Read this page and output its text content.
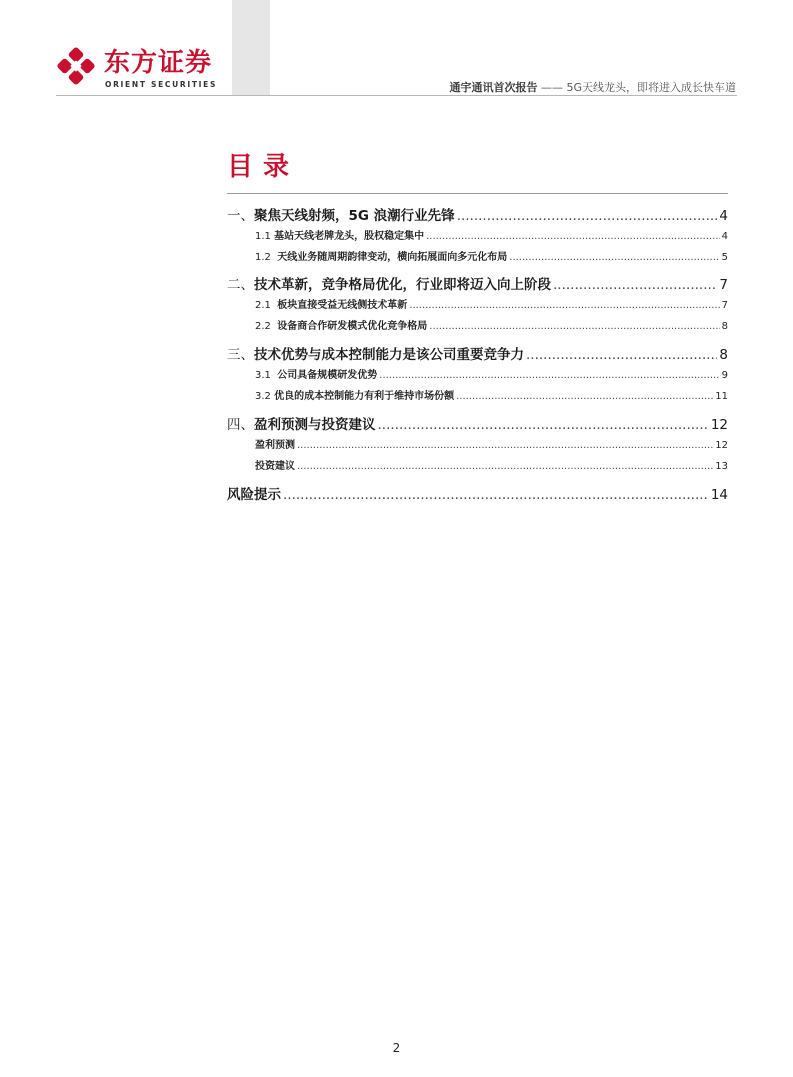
东方证券
ORIENT SECURITIES	通宇通讯首次报告 —— 5G天线龙头，即将进入成长快车道
目录
一、 聚焦天线射频，5G 浪潮行业先锋 .....	4
1.1 基站天线老牌龙头，股权稳定集中 .....	4
1.2 天线业务随周期韵律变动，横向拓展面向多元化布局 .....	5
二、 技术革新，竞争格局优化，行业即将迈入向上阶段 .....	7
2.1 板块直接受益无线侧技术革新 .....	7
2.2 设备商合作研发模式优化竞争格局 .....	8
三、 技术优势与成本控制能力是该公司重要竞争力 .....	8
3.1 公司具备规模研发优势 .....	9
3.2 优良的成本控制能力有利于维持市场份额 .....	11
四、 盈利预测与投资建议 .....	12
盈利预测 .....	12
投资建议 .....	13
风险提示 .....	14
2
